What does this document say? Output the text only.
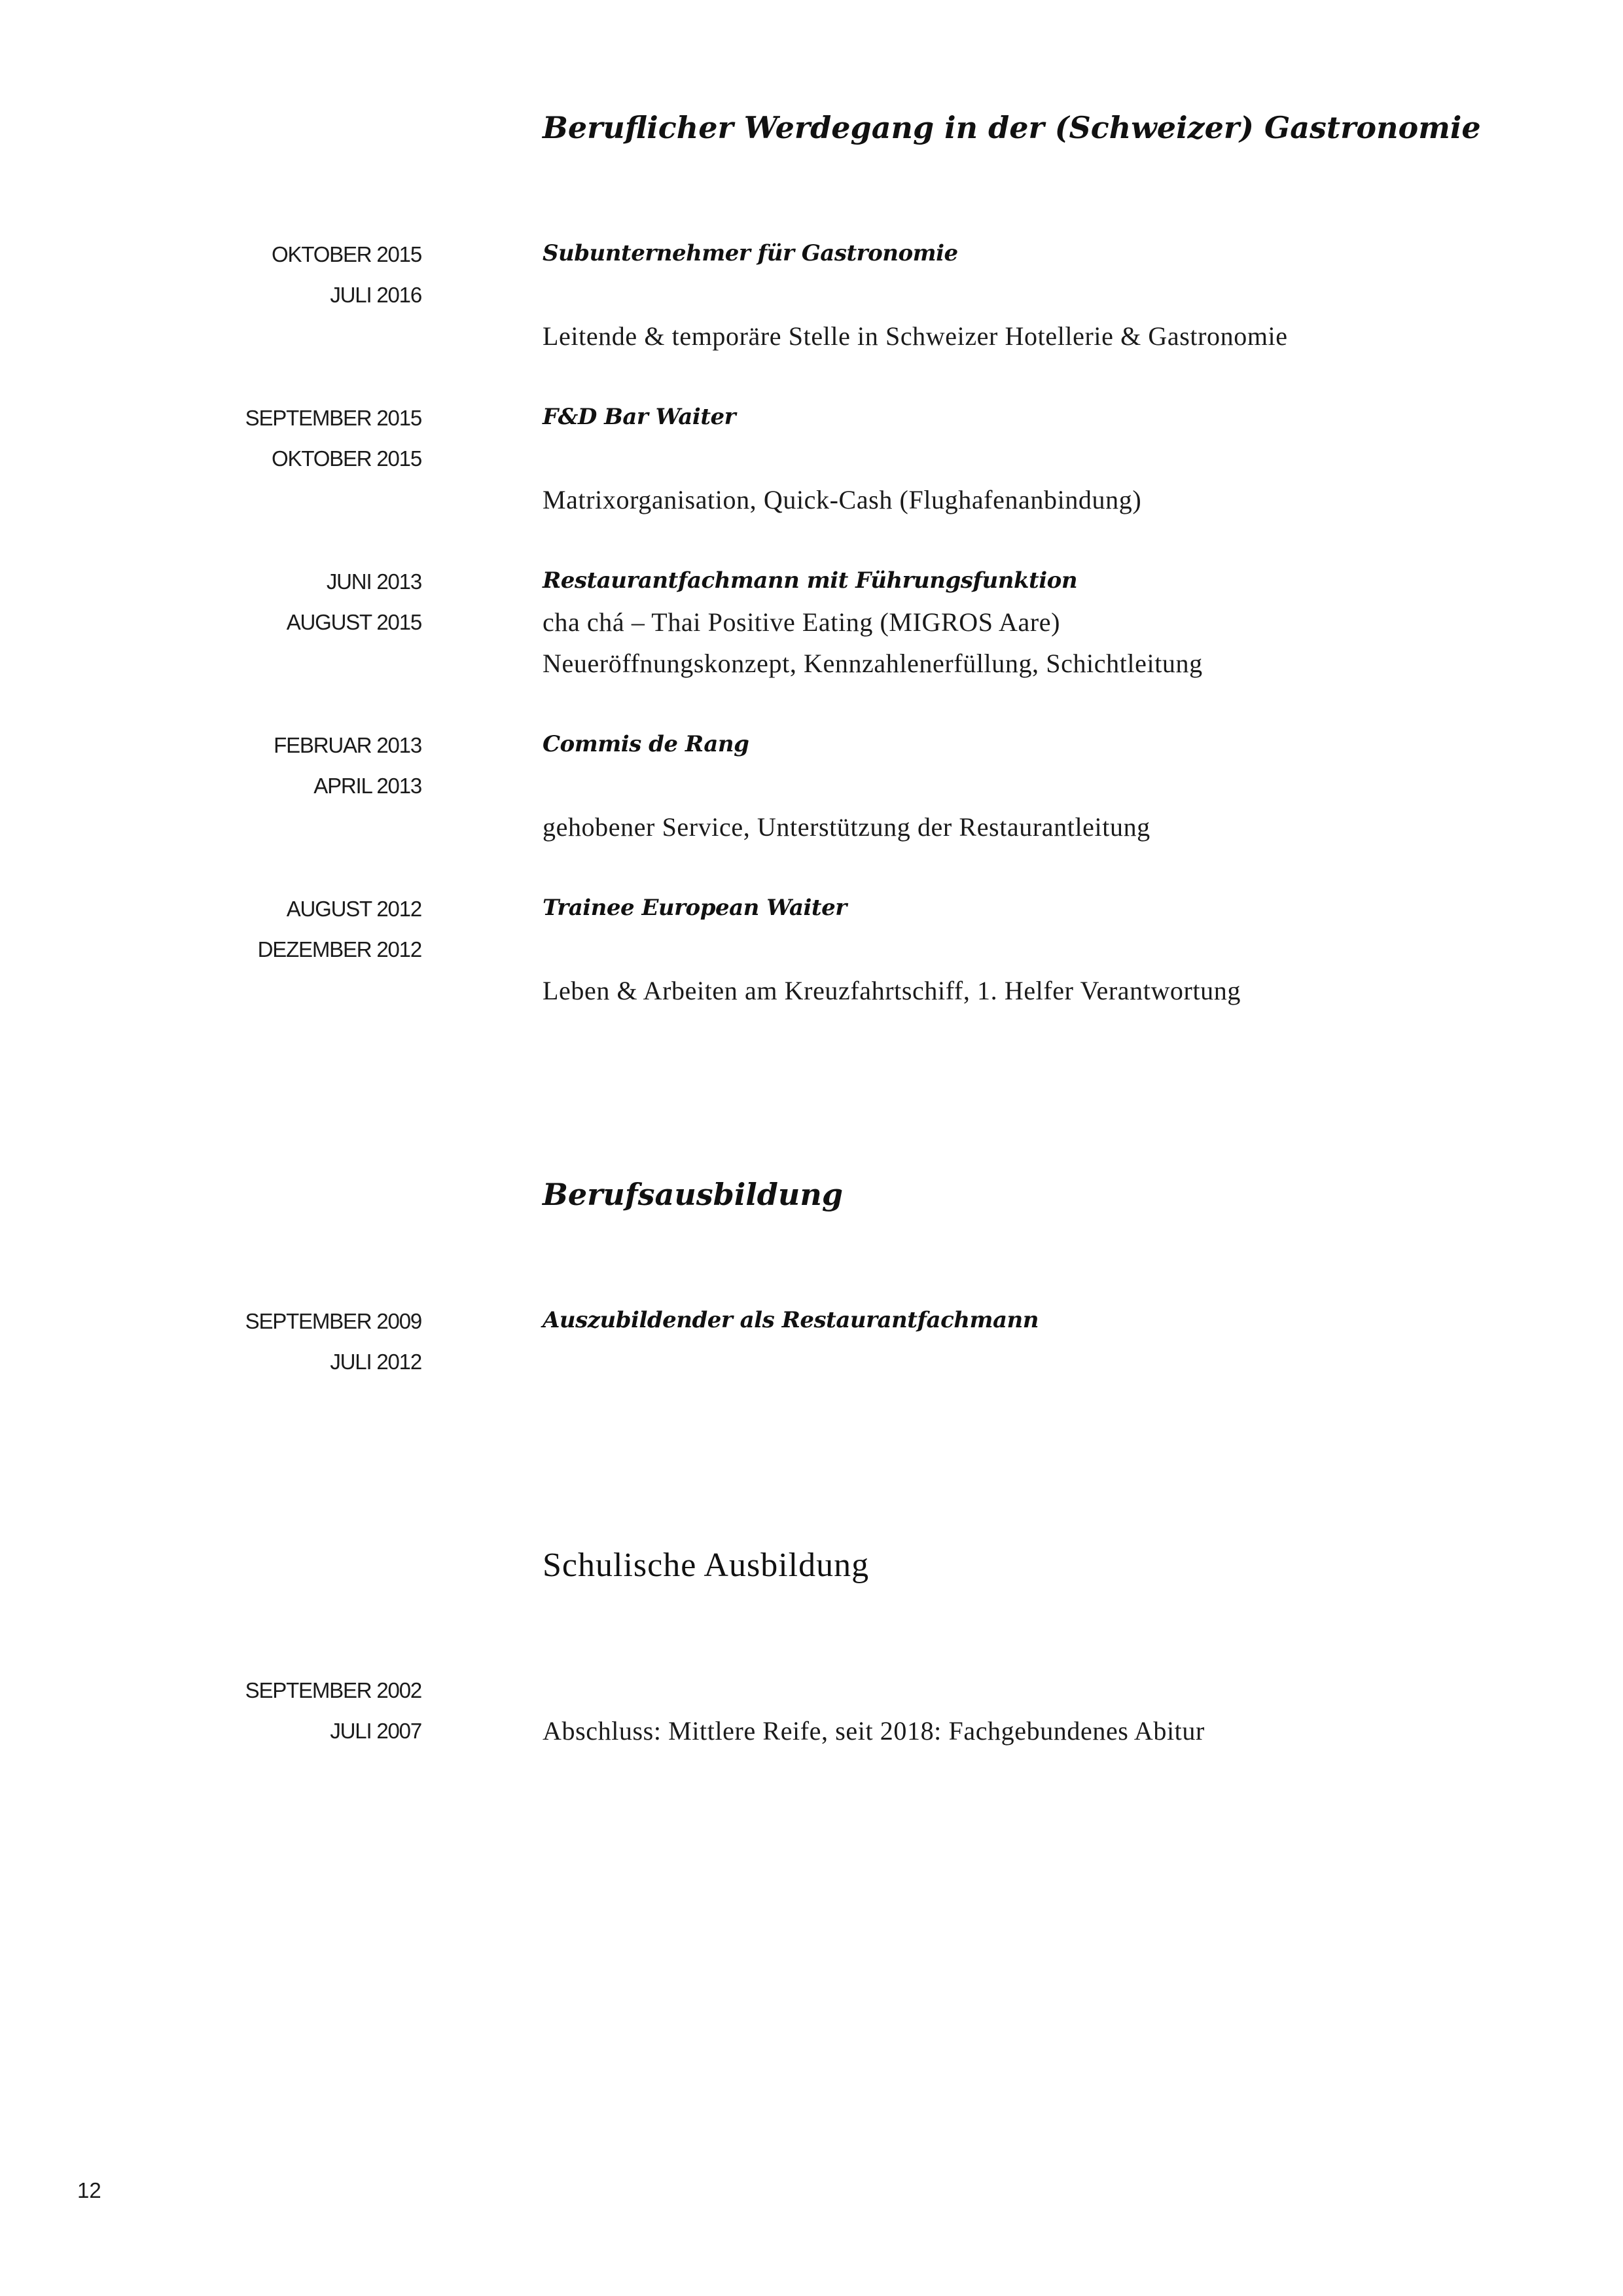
Beruflicher Werdegang in der (Schweizer) Gastronomie
OKTOBER 2015
JULI 2016
Subunternehmer für Gastronomie
Leitende & temporäre Stelle in Schweizer Hotellerie & Gastronomie
SEPTEMBER 2015
OKTOBER 2015
F&D Bar Waiter
Matrixorganisation, Quick-Cash (Flughafenanbindung)
JUNI 2013
AUGUST 2015
Restaurantfachmann mit Führungsfunktion
cha chá – Thai Positive Eating (MIGROS Aare)
Neueröffnungskonzept, Kennzahlenerfüllung, Schichtleitung
FEBRUAR 2013
APRIL 2013
Commis de Rang
gehobener Service, Unterstützung der Restaurantleitung
AUGUST 2012
DEZEMBER 2012
Trainee European Waiter
Leben & Arbeiten am Kreuzfahrtschiff, 1. Helfer Verantwortung
Berufsausbildung
SEPTEMBER 2009
JULI 2012
Auszubildender als Restaurantfachmann
Schulische Ausbildung
SEPTEMBER 2002
JULI 2007	Abschluss: Mittlere Reife, seit 2018: Fachgebundenes Abitur
12
